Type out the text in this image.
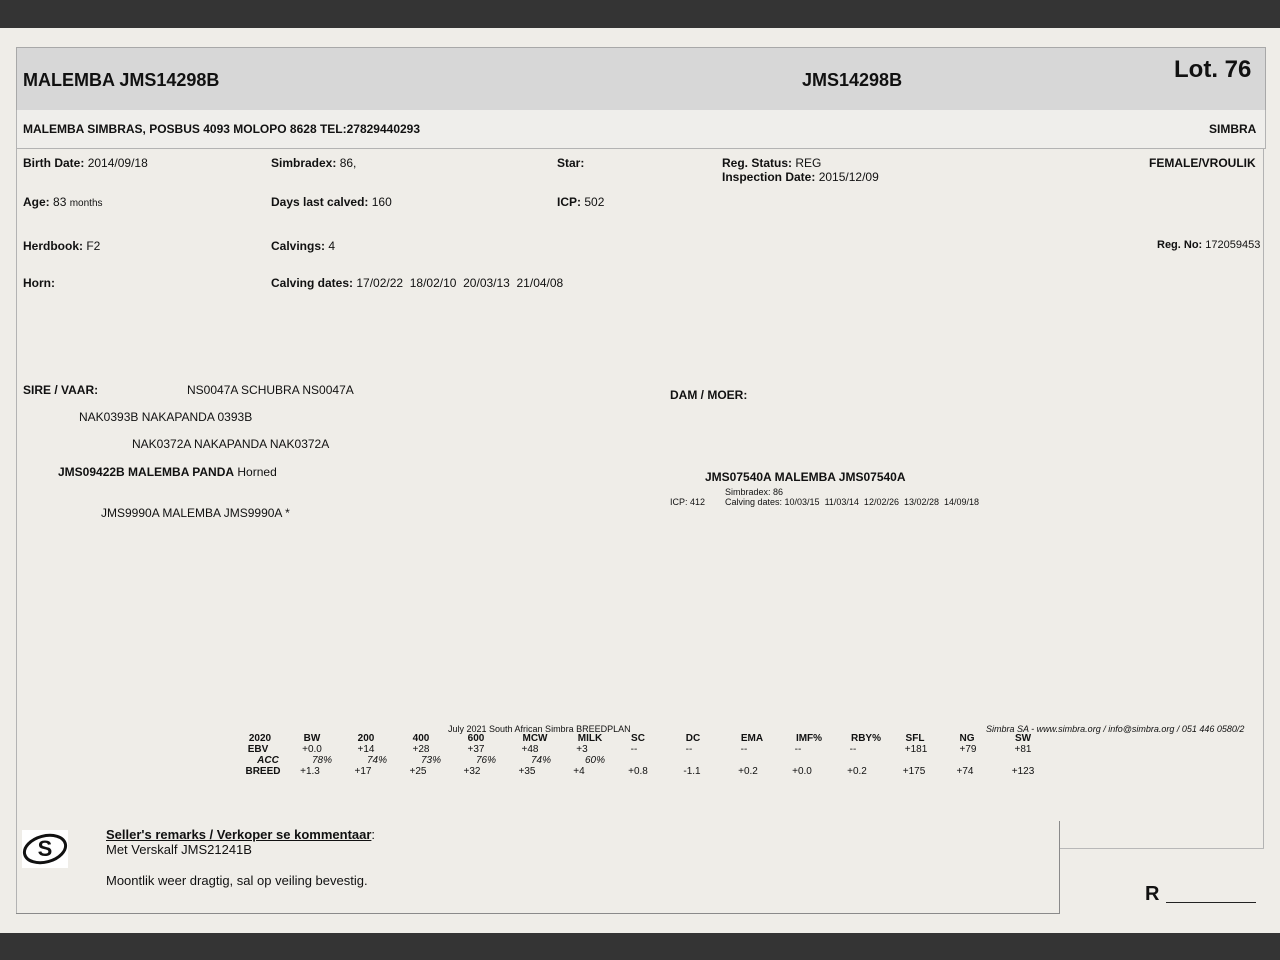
MALEMBA JMS14298B	JMS14298B	Lot. 76
MALEMBA SIMBRAS, POSBUS 4093 MOLOPO 8628 TEL:27829440293	SIMBRA
Birth Date: 2014/09/18	Simbradex: 86,	Star:	Reg. Status: REG
Inspection Date: 2015/12/09
FEMALE/VROULIK
Age: 83 months	Days last calved: 160	ICP: 502
Herdbook: F2	Calvings: 4	Reg. No: 172059453
Horn:	Calving dates: 17/02/22  18/02/10  20/03/13  21/04/08
SIRE / VAAR:	NS0047A SCHUBRA NS0047A
NAK0393B NAKAPANDA 0393B
NAK0372A NAKAPANDA NAK0372A
JMS09422B MALEMBA PANDA Horned
JMS9990A MALEMBA JMS9990A *
DAM / MOER:
JMS07540A MALEMBA JMS07540A
Simbradex: 86
ICP: 412 Calving dates: 10/03/15  11/03/14  12/02/26  13/02/28  14/09/18
July 2021 South African Simbra BREEDPLAN	Simbra SA - www.simbra.org / info@simbra.org / 051 446 0580/2
2020	BW	200	400	600	MCW	MILK	SC	DC	EMA	IMF%	RBY%	SFL	NG	SW
EBV	+0.0	+14	+28	+37	+48	+3	--	--	--	--	--	+181	+79	+81
ACC	78%	74%	73%	76%	74%	60%
BREED	+1.3	+17	+25	+32	+35	+4	+0.8	-1.1	+0.2	+0.0	+0.2	+175	+74	+123
S
Seller's remarks / Verkoper se kommentaar:
Met Verskalf JMS21241B
Moontlik weer dragtig, sal op veiling bevestig.
R
